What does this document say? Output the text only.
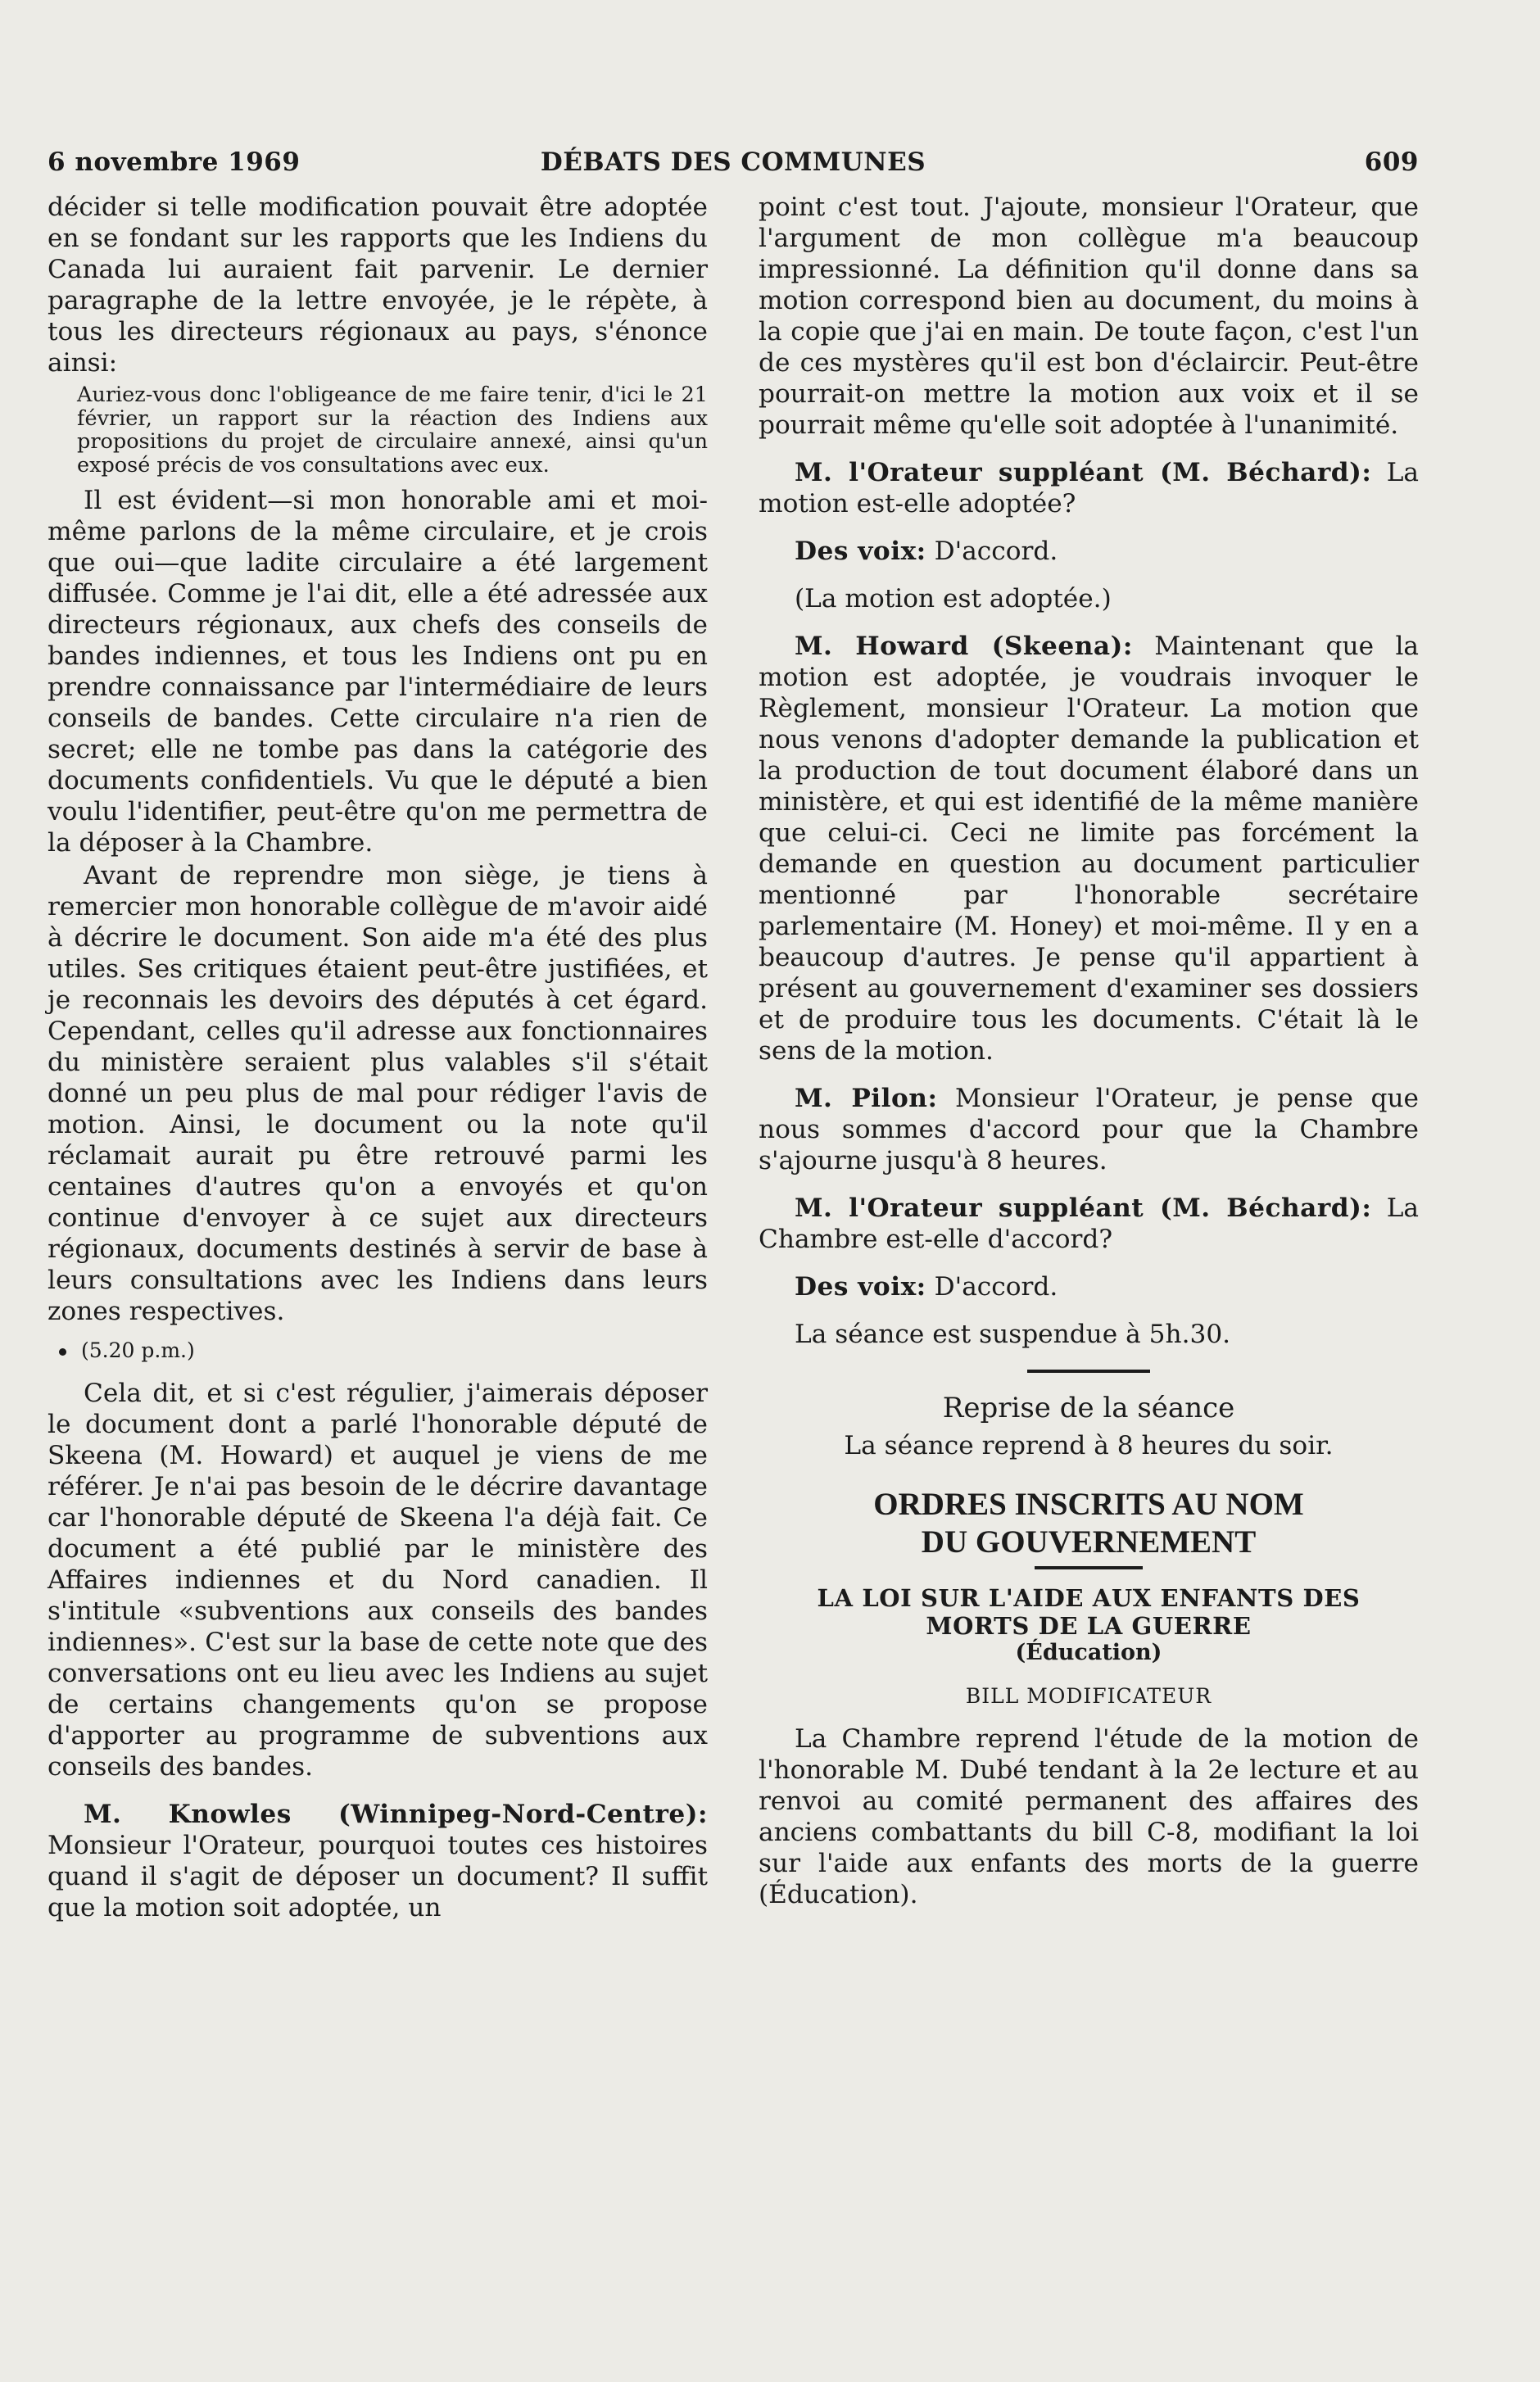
6 novembre 1969	DÉBATS DES COMMUNES	609

décider si telle modification pouvait être adoptée en se fondant sur les rapports que les Indiens du Canada lui auraient fait parvenir. Le dernier paragraphe de la lettre envoyée, je le répète, à tous les directeurs régionaux au pays, s'énonce ainsi:

Auriez-vous donc l'obligeance de me faire tenir, d'ici le 21 février, un rapport sur la réaction des Indiens aux propositions du projet de circulaire annexé, ainsi qu'un exposé précis de vos consultations avec eux.

Il est évident—si mon honorable ami et moi-même parlons de la même circulaire, et je crois que oui—que ladite circulaire a été largement diffusée. Comme je l'ai dit, elle a été adressée aux directeurs régionaux, aux chefs des conseils de bandes indiennes, et tous les Indiens ont pu en prendre connaissance par l'intermédiaire de leurs conseils de bandes. Cette circulaire n'a rien de secret; elle ne tombe pas dans la catégorie des documents confidentiels. Vu que le député a bien voulu l'identifier, peut-être qu'on me permettra de la déposer à la Chambre.

Avant de reprendre mon siège, je tiens à remercier mon honorable collègue de m'avoir aidé à décrire le document. Son aide m'a été des plus utiles. Ses critiques étaient peut-être justifiées, et je reconnais les devoirs des députés à cet égard. Cependant, celles qu'il adresse aux fonctionnaires du ministère seraient plus valables s'il s'était donné un peu plus de mal pour rédiger l'avis de motion. Ainsi, le document ou la note qu'il réclamait aurait pu être retrouvé parmi les centaines d'autres qu'on a envoyés et qu'on continue d'envoyer à ce sujet aux directeurs régionaux, documents destinés à servir de base à leurs consultations avec les Indiens dans leurs zones respectives.

(5.20 p.m.)

Cela dit, et si c'est régulier, j'aimerais déposer le document dont a parlé l'honorable député de Skeena (M. Howard) et auquel je viens de me référer. Je n'ai pas besoin de le décrire davantage car l'honorable député de Skeena l'a déjà fait. Ce document a été publié par le ministère des Affaires indiennes et du Nord canadien. Il s'intitule «subventions aux conseils des bandes indiennes». C'est sur la base de cette note que des conversations ont eu lieu avec les Indiens au sujet de certains changements qu'on se propose d'apporter au programme de subventions aux conseils des bandes.

M. Knowles (Winnipeg-Nord-Centre): Monsieur l'Orateur, pourquoi toutes ces histoires quand il s'agit de déposer un document? Il suffit que la motion soit adoptée, un

point c'est tout. J'ajoute, monsieur l'Orateur, que l'argument de mon collègue m'a beaucoup impressionné. La définition qu'il donne dans sa motion correspond bien au document, du moins à la copie que j'ai en main. De toute façon, c'est l'un de ces mystères qu'il est bon d'éclaircir. Peut-être pourrait-on mettre la motion aux voix et il se pourrait même qu'elle soit adoptée à l'unanimité.

M. l'Orateur suppléant (M. Béchard): La motion est-elle adoptée?

Des voix: D'accord.

(La motion est adoptée.)

M. Howard (Skeena): Maintenant que la motion est adoptée, je voudrais invoquer le Règlement, monsieur l'Orateur. La motion que nous venons d'adopter demande la publication et la production de tout document élaboré dans un ministère, et qui est identifié de la même manière que celui-ci. Ceci ne limite pas forcément la demande en question au document particulier mentionné par l'honorable secrétaire parlementaire (M. Honey) et moi-même. Il y en a beaucoup d'autres. Je pense qu'il appartient à présent au gouvernement d'examiner ses dossiers et de produire tous les documents. C'était là le sens de la motion.

M. Pilon: Monsieur l'Orateur, je pense que nous sommes d'accord pour que la Chambre s'ajourne jusqu'à 8 heures.

M. l'Orateur suppléant (M. Béchard): La Chambre est-elle d'accord?

Des voix: D'accord.

La séance est suspendue à 5h.30.

Reprise de la séance

La séance reprend à 8 heures du soir.

ORDRES INSCRITS AU NOM
DU GOUVERNEMENT
LA LOI SUR L'AIDE AUX ENFANTS DES
MORTS DE LA GUERRE
(Éducation)
BILL MODIFICATEUR

La Chambre reprend l'étude de la motion de l'honorable M. Dubé tendant à la 2e lecture et au renvoi au comité permanent des affaires des anciens combattants du bill C-8, modifiant la loi sur l'aide aux enfants des morts de la guerre (Éducation).
